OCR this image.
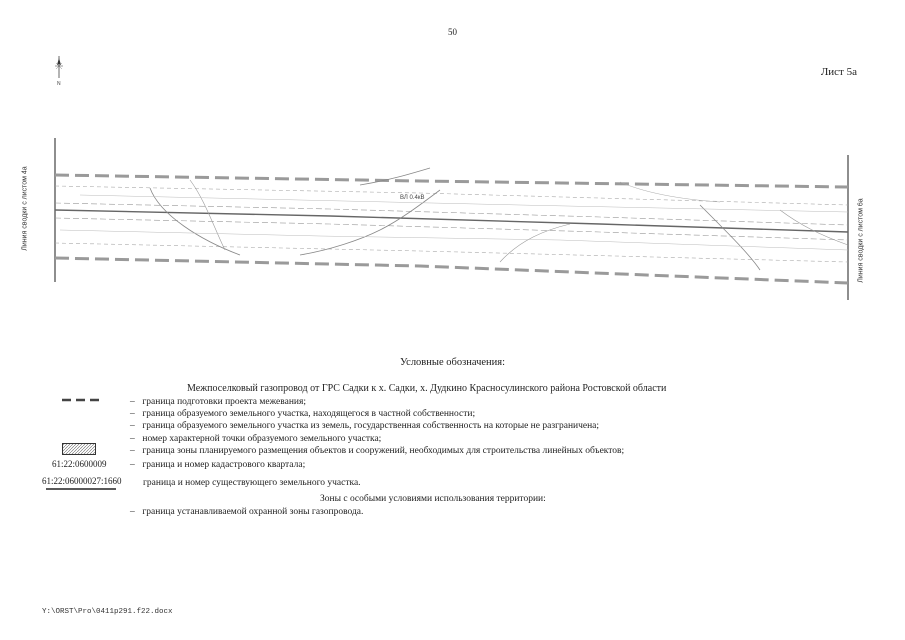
50
Лист 5а
N
ВЛ 0.4кВ
Линия сводки с листом 4а	Линия сводки с листом 6а
Условные обозначения:
Межпоселковый газопровод от ГРС Садки к х. Садки, х. Дудкино Красносулинского района Ростовской области
– граница подготовки проекта межевания;
– граница образуемого земельного участка, находящегося в частной собственности;
– граница образуемого земельного участка из земель, государственная собственность на которые не разграничена;
– номер характерной точки образуемого земельного участка;
– граница зоны планируемого размещения объектов и сооружений, необходимых для строительства линейных объектов;
– граница и номер кадастрового квартала;
граница и номер существующего земельного участка.
61:22:0600009
61:22:06000027:1660
Зоны с особыми условиями использования территории:
– граница устанавливаемой охранной зоны газопровода.
Y:\ORST\Pro\0411p291.f22.docx
